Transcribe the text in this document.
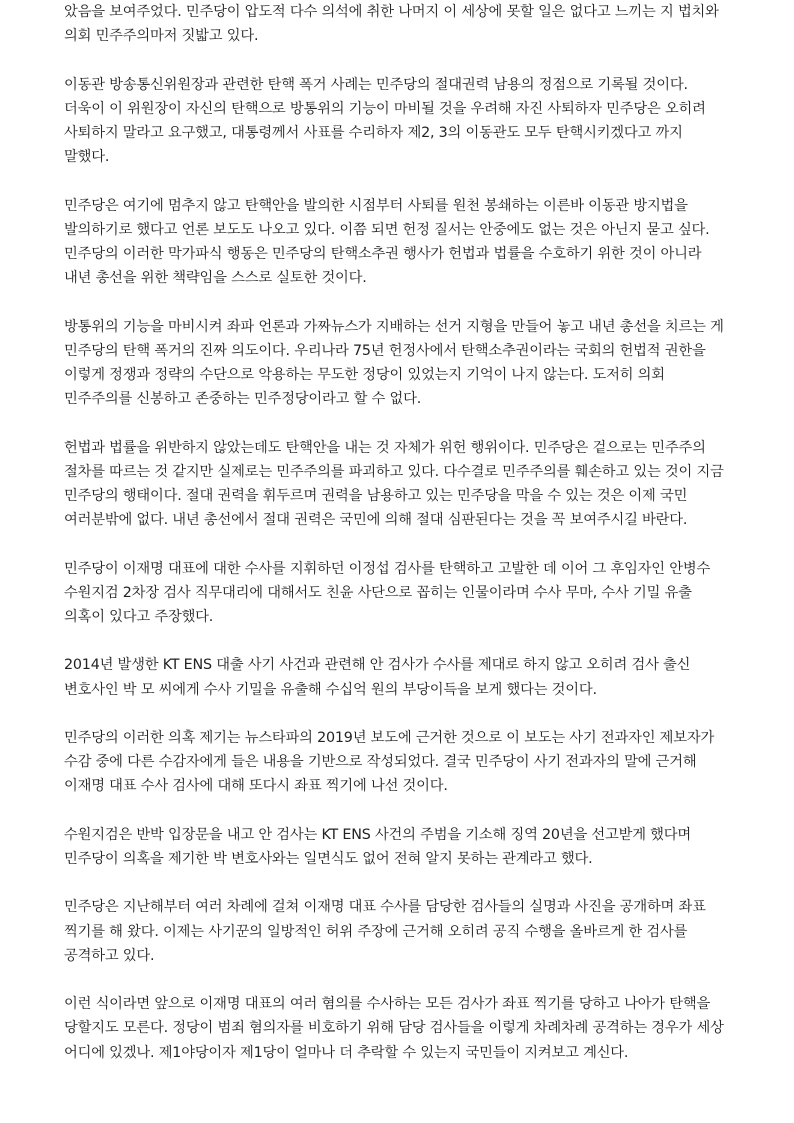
았음을 보여주었다. 민주당이 압도적 다수 의석에 취한 나머지 이 세상에 못할 일은 없다고 느끼는 지 법치와 의회 민주주의마저 짓밟고 있다.

이동관 방송통신위원장과 관련한 탄핵 폭거 사례는 민주당의 절대권력 남용의 정점으로 기록될 것이다. 더욱이 이 위원장이 자신의 탄핵으로 방통위의 기능이 마비될 것을 우려해 자진 사퇴하자 민주당은 오히려 사퇴하지 말라고 요구했고, 대통령께서 사표를 수리하자 제2, 3의 이동관도 모두 탄핵시키겠다고 까지 말했다.

민주당은 여기에 멈추지 않고 탄핵안을 발의한 시점부터 사퇴를 원천 봉쇄하는 이른바 이동관 방지법을 발의하기로 했다고 언론 보도도 나오고 있다. 이쯤 되면 헌정 질서는 안중에도 없는 것은 아닌지 묻고 싶다. 민주당의 이러한 막가파식 행동은 민주당의 탄핵소추권 행사가 헌법과 법률을 수호하기 위한 것이 아니라 내년 총선을 위한 책략임을 스스로 실토한 것이다.

방통위의 기능을 마비시켜 좌파 언론과 가짜뉴스가 지배하는 선거 지형을 만들어 놓고 내년 총선을 치르는 게 민주당의 탄핵 폭거의 진짜 의도이다. 우리나라 75년 헌정사에서 탄핵소추권이라는 국회의 헌법적 권한을 이렇게 정쟁과 정략의 수단으로 악용하는 무도한 정당이 있었는지 기억이 나지 않는다. 도저히 의회 민주주의를 신봉하고 존중하는 민주정당이라고 할 수 없다.

헌법과 법률을 위반하지 않았는데도 탄핵안을 내는 것 자체가 위헌 행위이다. 민주당은 겉으로는 민주주의 절차를 따르는 것 같지만 실제로는 민주주의를 파괴하고 있다. 다수결로 민주주의를 훼손하고 있는 것이 지금 민주당의 행태이다. 절대 권력을 휘두르며 권력을 남용하고 있는 민주당을 막을 수 있는 것은 이제 국민 여러분밖에 없다. 내년 총선에서 절대 권력은 국민에 의해 절대 심판된다는 것을 꼭 보여주시길 바란다.

민주당이 이재명 대표에 대한 수사를 지휘하던 이정섭 검사를 탄핵하고 고발한 데 이어 그 후임자인 안병수 수원지검 2차장 검사 직무대리에 대해서도 친윤 사단으로 꼽히는 인물이라며 수사 무마, 수사 기밀 유출 의혹이 있다고 주장했다.

2014년 발생한 KT ENS 대출 사기 사건과 관련해 안 검사가 수사를 제대로 하지 않고 오히려 검사 출신 변호사인 박 모 씨에게 수사 기밀을 유출해 수십억 원의 부당이득을 보게 했다는 것이다.

민주당의 이러한 의혹 제기는 뉴스타파의 2019년 보도에 근거한 것으로 이 보도는 사기 전과자인 제보자가 수감 중에 다른 수감자에게 들은 내용을 기반으로 작성되었다. 결국 민주당이 사기 전과자의 말에 근거해 이재명 대표 수사 검사에 대해 또다시 좌표 찍기에 나선 것이다.

수원지검은 반박 입장문을 내고 안 검사는 KT ENS 사건의 주범을 기소해 징역 20년을 선고받게 했다며 민주당이 의혹을 제기한 박 변호사와는 일면식도 없어 전혀 알지 못하는 관계라고 했다.

민주당은 지난해부터 여러 차례에 걸쳐 이재명 대표 수사를 담당한 검사들의 실명과 사진을 공개하며 좌표 찍기를 해 왔다. 이제는 사기꾼의 일방적인 허위 주장에 근거해 오히려 공직 수행을 올바르게 한 검사를 공격하고 있다.

이런 식이라면 앞으로 이재명 대표의 여러 혐의를 수사하는 모든 검사가 좌표 찍기를 당하고 나아가 탄핵을 당할지도 모른다. 정당이 범죄 혐의자를 비호하기 위해 담당 검사들을 이렇게 차례차례 공격하는 경우가 세상 어디에 있겠나. 제1야당이자 제1당이 얼마나 더 추락할 수 있는지 국민들이 지켜보고 계신다.
